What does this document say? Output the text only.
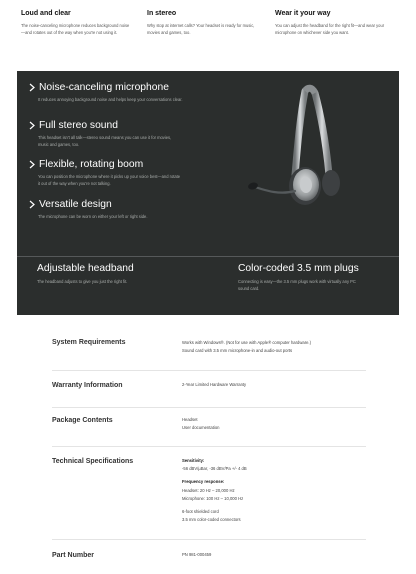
Loud and clear

The noise-canceling microphone reduces background noise—and rotates out of the way when you're not using it.

In stereo

Why stop at internet calls? Your headset is ready for music, movies and games, too.

Wear it your way

You can adjust the headband for the right fit—and wear your microphone on whichever side you want.

Noise-canceling microphone

It reduces annoying background noise and helps keep your conversations clear.

Full stereo sound

This headset isn't all talk—stereo sound means you can use it for movies, music and games, too.

Flexible, rotating boom

You can position the microphone where it picks up your voice best—and rotate it out of the way when you're not talking.

Versatile design

The microphone can be worn on either your left or right side.

Adjustable headband

The headband adjusts to give you just the right fit.

Color-coded 3.5 mm plugs

Connecting is easy—the 3.5 mm plugs work with virtually any PC sound card.

System Requirements	Works with Windows®. (Not for use with Apple® computer hardware.)
Sound card with 3.5 mm microphone-in and audio-out ports
Warranty Information	2-Year Limited Hardware Warranty
Package Contents	Headset
User documentation
Technical Specifications	Sensitivity:
-56 dBV/µBar, -36 dBV/Pa +/- 4 dB
Frequency response:
Headset: 20 Hz – 20,000 Hz
Microphone: 100 Hz – 10,000 Hz
6-foot shielded cord
3.5 mm color-coded connectors
Part Number	PN 981-000459
